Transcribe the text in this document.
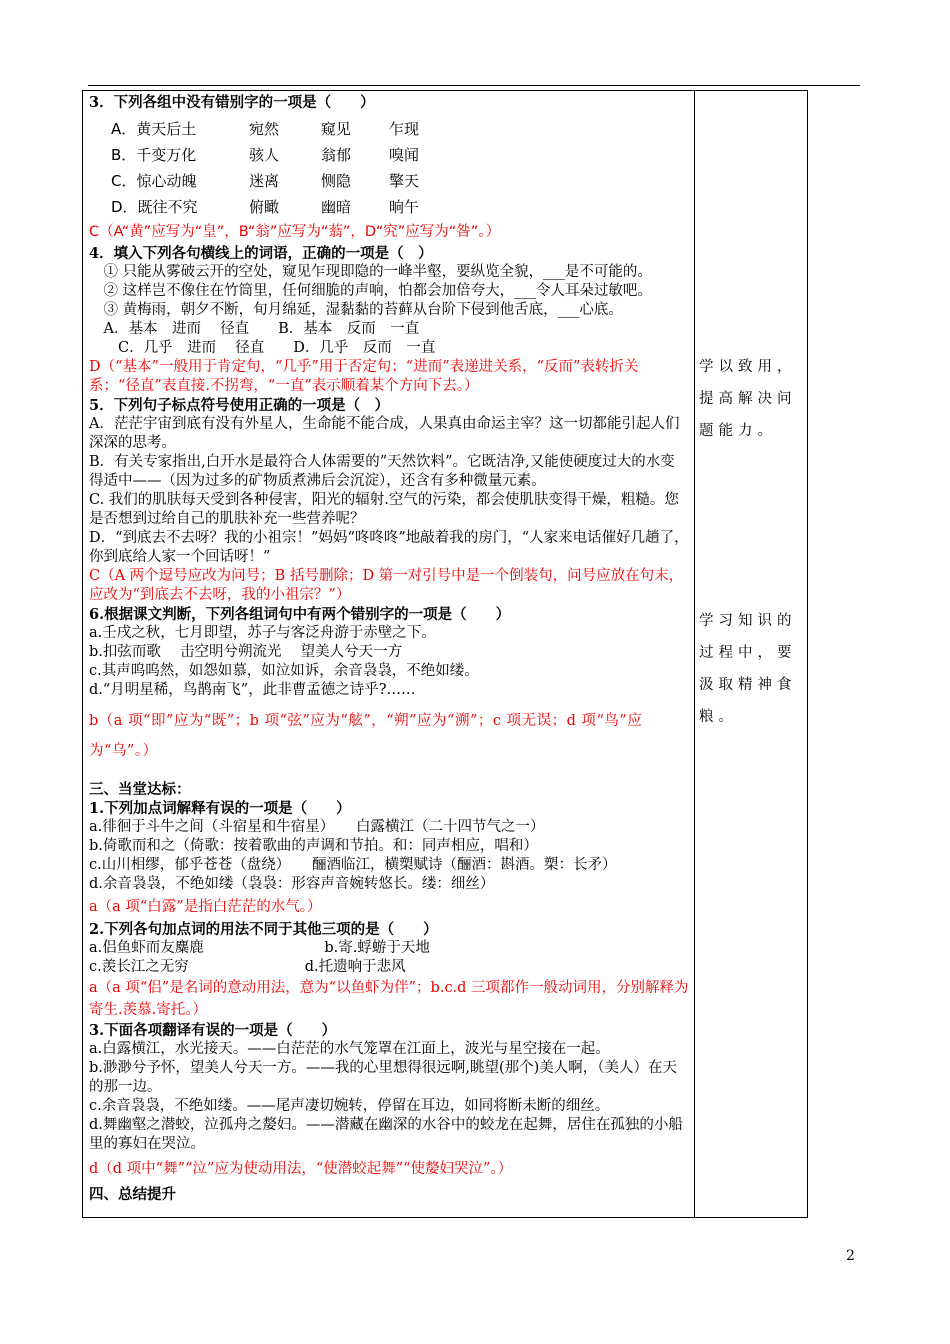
3．下列各组中没有错别字的一项是（　　）

A．黄天后土	宛然	窥见	乍现
B．千变万化	骇人	翁郁	嗅闻
C．惊心动魄	迷离	恻隐	擎天
D．既往不究	俯瞰	幽暗	晌午

C（A“黄”应写为“皇”，B“翁”应写为“蓊”，D“究”应写为“咎”。）

4．填入下列各句横线上的词语，正确的一项是（　）

　① 只能从雾破云开的空处，窥见乍现即隐的一峰半壑，要纵览全貌，___是不可能的。

　② 这样岂不像住在竹筒里，任何细脆的声响，怕都会加倍夸大，___令人耳朵过敏吧。

　③ 黄梅雨，朝夕不断，旬月绵延，湿黏黏的苔藓从台阶下侵到他舌底，___心底。

　A．基本　进而　 径直　　B．基本　反而　一直

　　C．几乎　进而　 径直　　D．几乎　反而　一直

D（“基本”一般用于肯定句，“几乎”用于否定句；“进而”表递进关系，“反而”表转折关系；“径直”表直接.不拐弯，“一直”表示顺着某个方向下去。）

5．下列句子标点符号使用正确的一项是（　）

A．茫茫宇宙到底有没有外星人，生命能不能合成，人果真由命运主宰？这一切都能引起人们深深的思考。

B．有关专家指出,白开水是最符合人体需要的”天然饮料”。它既洁净,又能使硬度过大的水变得适中——（因为过多的矿物质煮沸后会沉淀），还含有多种微量元素。

C. 我们的肌肤每天受到各种侵害，阳光的辐射.空气的污染，都会使肌肤变得干燥，粗糙。您是否想到过给自己的肌肤补充一些营养呢？

D．“到底去不去呀？我的小祖宗！”妈妈“咚咚咚”地敲着我的房门，“人家来电话催好几趟了，你到底给人家一个回话呀！”

C（A 两个逗号应改为问号；B 括号删除；D 第一对引号中是一个倒装句，问号应放在句末，应改为“到底去不去呀，我的小祖宗？”）

6.根据课文判断，下列各组词句中有两个错别字的一项是（　　）

a.壬戌之秋，七月即望，苏子与客泛舟游于赤壁之下。

b.扣弦而歌　 击空明兮朔流光　 望美人兮天一方

c.其声呜呜然，如怨如慕，如泣如诉，余音袅袅，不绝如缕。

d.“月明星稀，鸟鹊南飞”，此非曹孟德之诗乎?……

b（a 项“即”应为“既”；b 项“弦”应为“舷”，“朔”应为“溯”；c 项无误；d 项“鸟”应为“乌”。）

三、当堂达标：

1.下列加点词解释有误的一项是（　　）

a.徘徊于斗牛之间（斗宿星和牛宿星）　　白露横江（二十四节气之一）

b.倚歌而和之（倚歌：按着歌曲的声调和节拍。和：同声相应，唱和）

c.山川相缪，郁乎苍苍（盘绕）　　酾酒临江，横槊赋诗（酾酒：斟酒。槊：长矛）

d.余音袅袅，不绝如缕（袅袅：形容声音婉转悠长。缕：细丝）

a（a 项“白露”是指白茫茫的水气。）

2.下列各句加点词的用法不同于其他三项的是（　　）

a.侣鱼虾而友麋鹿　　　　　　　　 b.寄.蜉蝣于天地

c.羡长江之无穷　　　　　　　　d.托遗响于悲风

a（a 项“侣”是名词的意动用法，意为“以鱼虾为伴”；b.c.d 三项都作一般动词用，分别解释为寄生.羡慕.寄托。）

3.下面各项翻译有误的一项是（　　）

a.白露横江，水光接天。——白茫茫的水气笼罩在江面上，波光与星空接在一起。

b.渺渺兮予怀，望美人兮天一方。——我的心里想得很远啊,眺望(那个)美人啊，（美人）在天的那一边。

c.余音袅袅，不绝如缕。——尾声凄切婉转，停留在耳边，如同将断未断的细丝。

d.舞幽壑之潜蛟，泣孤舟之嫠妇。——潜藏在幽深的水谷中的蛟龙在起舞，居住在孤独的小船里的寡妇在哭泣。

d（d 项中“舞”“泣”应为使动用法，“使潜蛟起舞”“使嫠妇哭泣”。）

四、总结提升

学以致用，提高解决问题能力。
学习知识的过程中，要汲取精神食粮。
2
